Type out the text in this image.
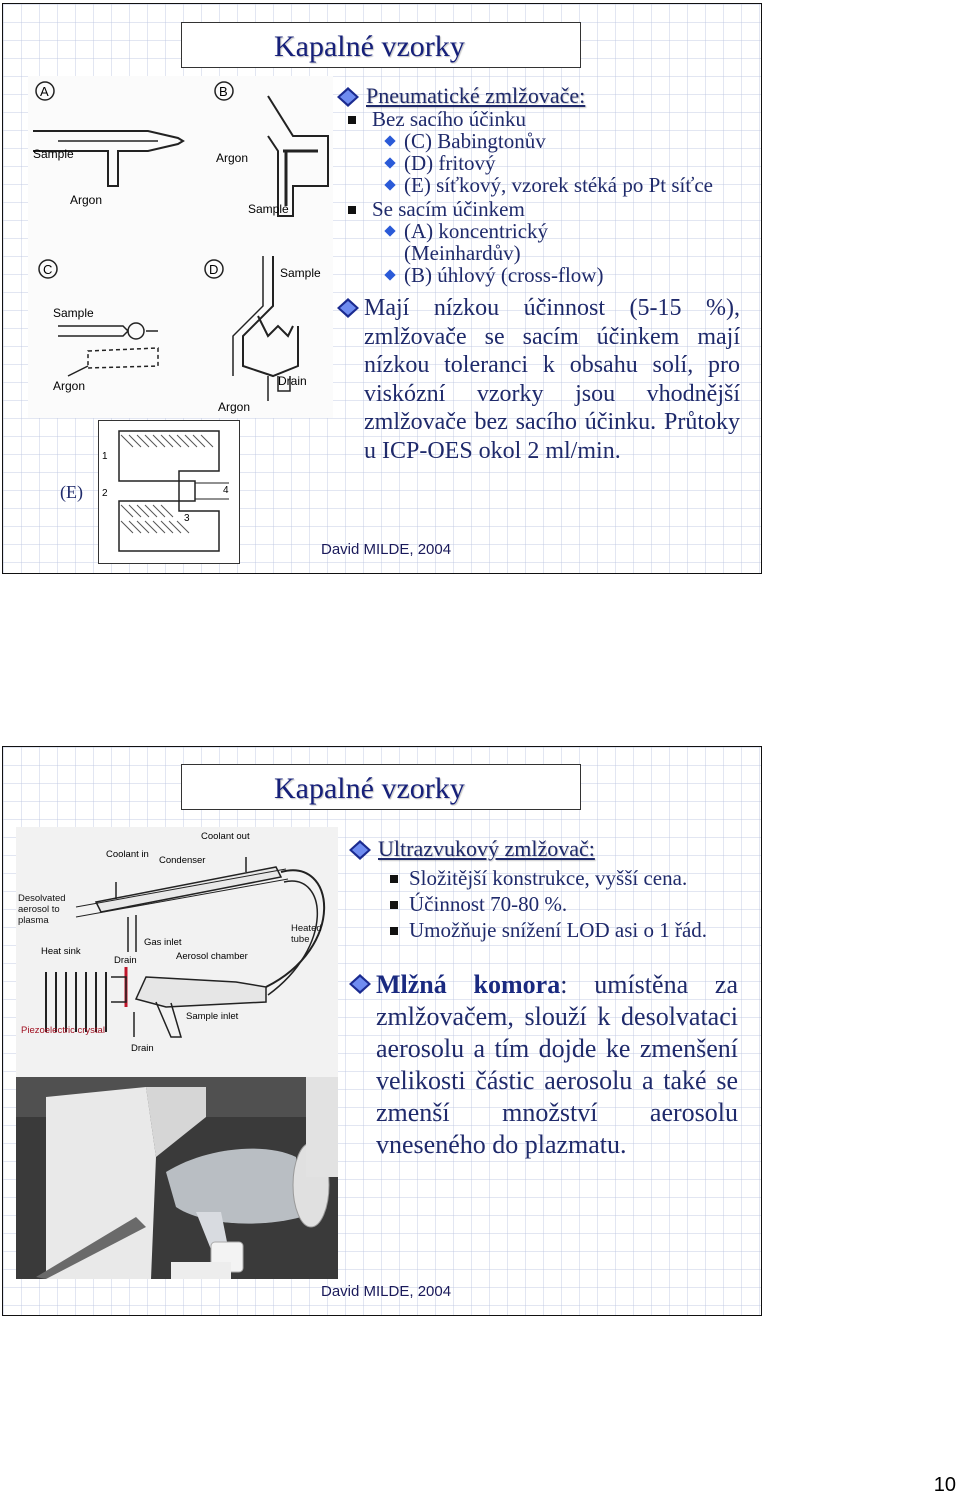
Kapalné vzorky
A
Sample
Argon
B
Argon
Sample
C
Sample
Argon
D	Sample
Drain
Argon
(E)
1
2
3
4
Pneumatické zmlžovače:
Bez sacího účinku
(C) Babingtonův
(D) fritový
(E) síťkový, vzorek stéká po Pt síťce
Se sacím účinkem
(A) koncentrický (Meinhardův)
(B) úhlový (cross-flow)
Mají nízkou účinnost (5-15 %), zmlžovače se sacím účinkem mají nízkou toleranci k obsahu solí, pro viskózní vzorky jsou vhodnější zmlžovače bez sacího účinku. Průtoky u ICP-OES okol 2 ml/min.
David MILDE, 2004
Kapalné vzorky
Coolant out
Coolant in
Condenser
Desolvated aerosol to plasma
Heat sink
Gas inlet
Drain	Aerosol chamber
Heated tube
Sample inlet
Piezoelectric crystal
Drain
Ultrazvukový zmlžovač:
Složitější konstrukce, vyšší cena.
Účinnost 70-80 %.
Umožňuje snížení LOD asi o 1 řád.
Mlžná komora: umístěna za zmlžovačem, slouží k desolvataci aerosolu a tím dojde ke zmenšení velikosti částic aerosolu a také se zmenší množství aerosolu vneseného do plazmatu.
David MILDE, 2004
10
